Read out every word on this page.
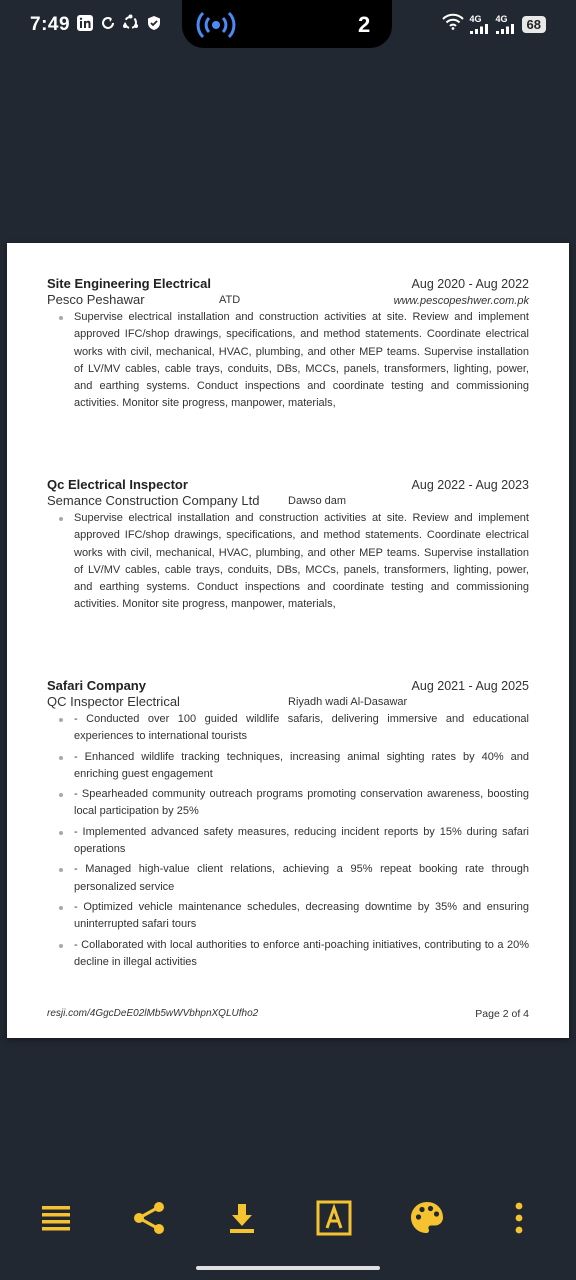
7:49	2	4G 4G	68
Site Engineering Electrical	Aug 2020 - Aug 2022
Pesco Peshawar	ATD	www.pescopeshwer.com.pk

Supervise electrical installation and construction activities at site. Review and implement approved IFC/shop drawings, specifications, and method statements. Coordinate electrical works with civil, mechanical, HVAC, plumbing, and other MEP teams. Supervise installation of LV/MV cables, cable trays, conduits, DBs, MCCs, panels, transformers, lighting, power, and earthing systems. Conduct inspections and coordinate testing and commissioning activities. Monitor site progress, manpower, materials,

Qc Electrical Inspector	Aug 2022 - Aug 2023
Semance Construction Company Ltd	Dawso dam

Supervise electrical installation and construction activities at site. Review and implement approved IFC/shop drawings, specifications, and method statements. Coordinate electrical works with civil, mechanical, HVAC, plumbing, and other MEP teams. Supervise installation of LV/MV cables, cable trays, conduits, DBs, MCCs, panels, transformers, lighting, power, and earthing systems. Conduct inspections and coordinate testing and commissioning activities. Monitor site progress, manpower, materials,

Safari Company	Aug 2021 - Aug 2025
QC Inspector Electrical	Riyadh wadi Al-Dasawar

- Conducted over 100 guided wildlife safaris, delivering immersive and educational experiences to international tourists

- Enhanced wildlife tracking techniques, increasing animal sighting rates by 40% and enriching guest engagement

- Spearheaded community outreach programs promoting conservation awareness, boosting local participation by 25%

- Implemented advanced safety measures, reducing incident reports by 15% during safari operations

- Managed high-value client relations, achieving a 95% repeat booking rate through personalized service

- Optimized vehicle maintenance schedules, decreasing downtime by 35% and ensuring uninterrupted safari tours

- Collaborated with local authorities to enforce anti-poaching initiatives, contributing to a 20% decline in illegal activities

resji.com/4GgcDeE02lMb5wWVbhpnXQLUfho2	Page 2 of 4
